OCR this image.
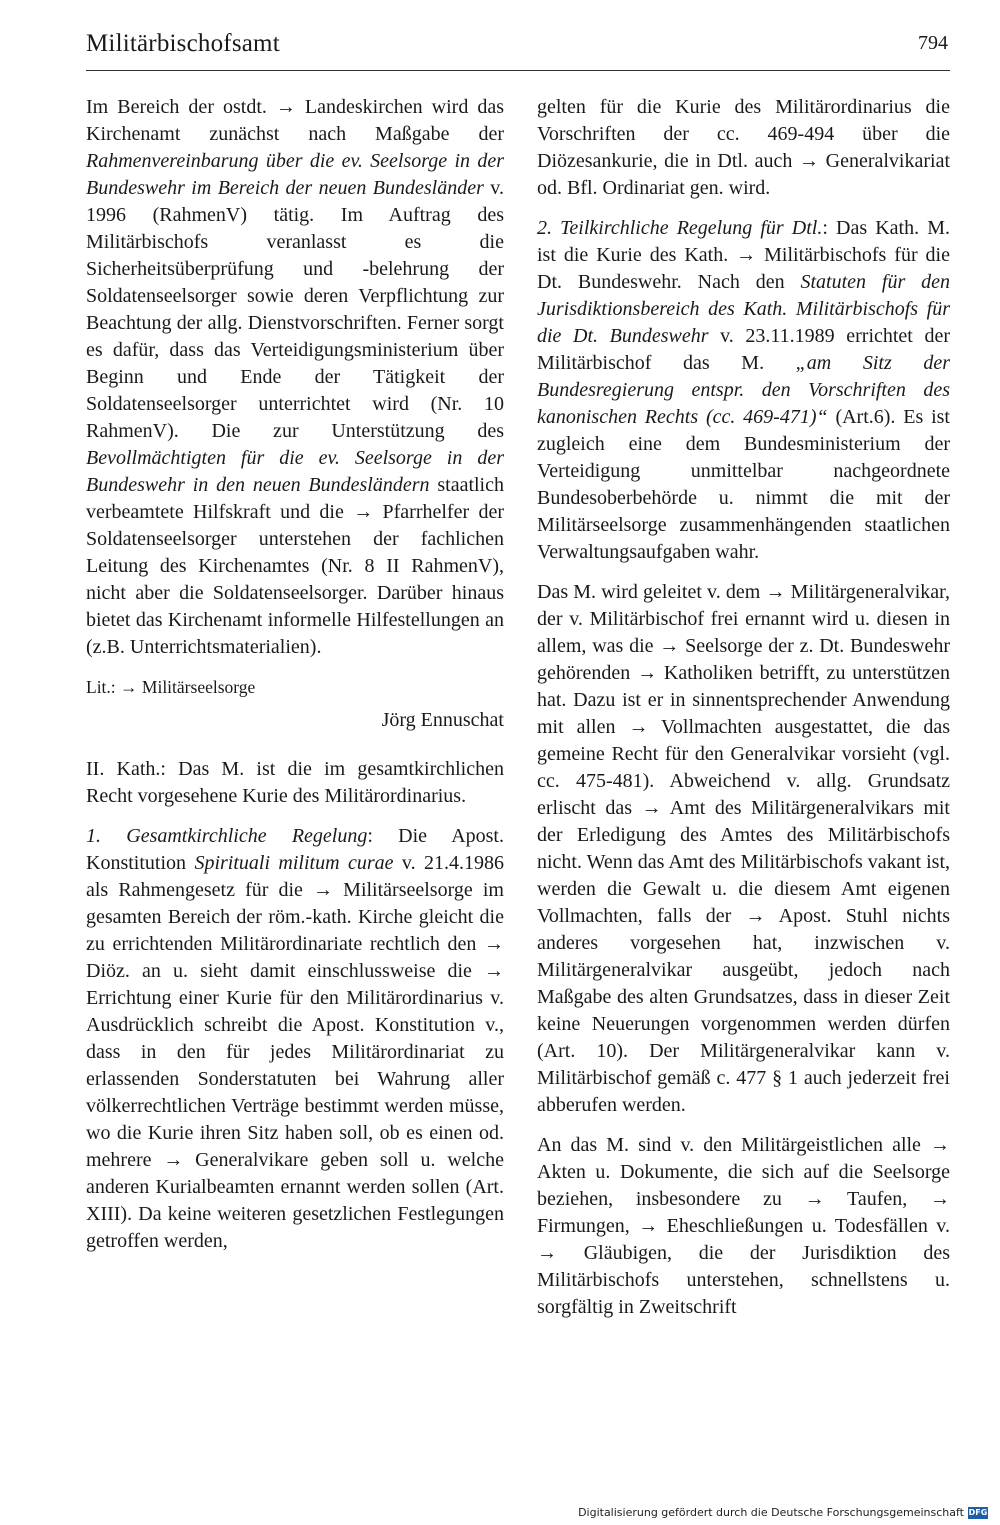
Militärbischofsamt	794

Im Bereich der ostdt. → Landeskirchen wird das Kirchenamt zunächst nach Maßgabe der Rahmenvereinbarung über die ev. Seelsorge in der Bundeswehr im Bereich der neuen Bundesländer v. 1996 (RahmenV) tätig. Im Auftrag des Militärbischofs veranlasst es die Sicherheitsüberprüfung und -belehrung der Soldatenseelsorger sowie deren Verpflichtung zur Beachtung der allg. Dienstvorschriften. Ferner sorgt es dafür, dass das Verteidigungsministerium über Beginn und Ende der Tätigkeit der Soldatenseelsorger unterrichtet wird (Nr. 10 RahmenV). Die zur Unterstützung des Bevollmächtigten für die ev. Seelsorge in der Bundeswehr in den neuen Bundesländern staatlich verbeamtete Hilfskraft und die → Pfarrhelfer der Soldatenseelsorger unterstehen der fachlichen Leitung des Kirchenamtes (Nr. 8 II RahmenV), nicht aber die Soldatenseelsorger. Darüber hinaus bietet das Kirchenamt informelle Hilfestellungen an (z.B. Unterrichtsmaterialien).

Lit.: → Militärseelsorge
Jörg Ennuschat

II. Kath.: Das M. ist die im gesamtkirchlichen Recht vorgesehene Kurie des Militärordinarius.

1. Gesamtkirchliche Regelung: Die Apost. Konstitution Spirituali militum curae v. 21.4.1986 als Rahmengesetz für die → Militärseelsorge im gesamten Bereich der röm.-kath. Kirche gleicht die zu errichtenden Militärordinariate rechtlich den → Diöz. an u. sieht damit einschlussweise die → Errichtung einer Kurie für den Militärordinarius v. Ausdrücklich schreibt die Apost. Konstitution v., dass in den für jedes Militärordinariat zu erlassenden Sonderstatuten bei Wahrung aller völkerrechtlichen Verträge bestimmt werden müsse, wo die Kurie ihren Sitz haben soll, ob es einen od. mehrere → Generalvikare geben soll u. welche anderen Kurialbeamten ernannt werden sollen (Art. XIII). Da keine weiteren gesetzlichen Festlegungen getroffen werden,

gelten für die Kurie des Militärordinarius die Vorschriften der cc. 469-494 über die Diözesankurie, die in Dtl. auch → Generalvikariat od. Bfl. Ordinariat gen. wird.

2. Teilkirchliche Regelung für Dtl.: Das Kath. M. ist die Kurie des Kath. → Militärbischofs für die Dt. Bundeswehr. Nach den Statuten für den Jurisdiktionsbereich des Kath. Militärbischofs für die Dt. Bundeswehr v. 23.11.1989 errichtet der Militärbischof das M. „am Sitz der Bundesregierung entspr. den Vorschriften des kanonischen Rechts (cc. 469-471)“ (Art.6). Es ist zugleich eine dem Bundesministerium der Verteidigung unmittelbar nachgeordnete Bundesoberbehörde u. nimmt die mit der Militärseelsorge zusammenhängenden staatlichen Verwaltungsaufgaben wahr.

Das M. wird geleitet v. dem → Militärgeneralvikar, der v. Militärbischof frei ernannt wird u. diesen in allem, was die → Seelsorge der z. Dt. Bundeswehr gehörenden → Katholiken betrifft, zu unterstützen hat. Dazu ist er in sinnentsprechender Anwendung mit allen → Vollmachten ausgestattet, die das gemeine Recht für den Generalvikar vorsieht (vgl. cc. 475-481). Abweichend v. allg. Grundsatz erlischt das → Amt des Militärgeneralvikars mit der Erledigung des Amtes des Militärbischofs nicht. Wenn das Amt des Militärbischofs vakant ist, werden die Gewalt u. die diesem Amt eigenen Vollmachten, falls der → Apost. Stuhl nichts anderes vorgesehen hat, inzwischen v. Militärgeneralvikar ausgeübt, jedoch nach Maßgabe des alten Grundsatzes, dass in dieser Zeit keine Neuerungen vorgenommen werden dürfen (Art. 10). Der Militärgeneralvikar kann v. Militärbischof gemäß c. 477 § 1 auch jederzeit frei abberufen werden.

An das M. sind v. den Militärgeistlichen alle → Akten u. Dokumente, die sich auf die Seelsorge beziehen, insbesondere zu → Taufen, → Firmungen, → Eheschließungen u. Todesfällen v. → Gläubigen, die der Jurisdiktion des Militärbischofs unterstehen, schnellstens u. sorgfältig in Zweitschrift

Digitalisierung gefördert durch die Deutsche Forschungsgemeinschaft DFG
